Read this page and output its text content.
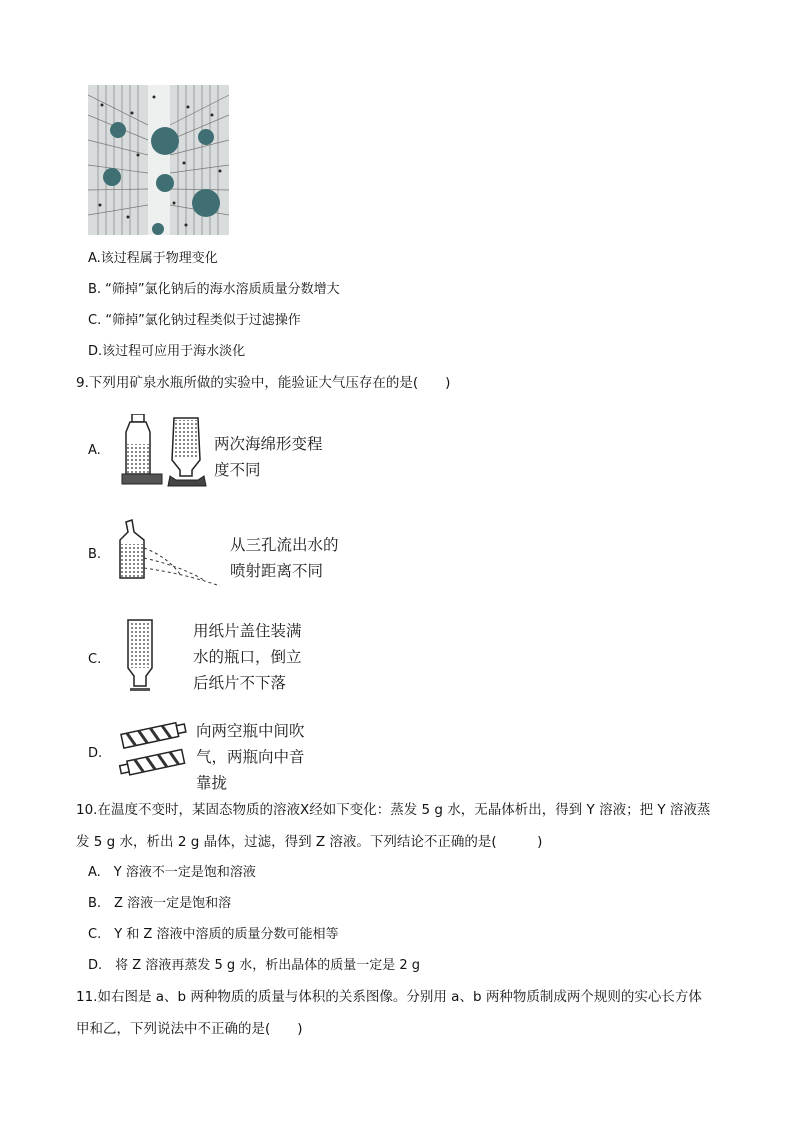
A.该过程属于物理变化
B. “筛掉”氯化钠后的海水溶质质量分数增大
C. “筛掉”氯化钠过程类似于过滤操作
D.该过程可应用于海水淡化
9.下列用矿泉水瓶所做的实验中，能验证大气压存在的是(　　)
A.	两次海绵形变程
度不同
B.
从三孔流出水的
喷射距离不同
C.
用纸片盖住装满
水的瓶口，倒立
后纸片不下落
D.
向两空瓶中间吹
气，两瓶向中音
靠拢
10.在温度不变时，某固态物质的溶液X经如下变化：蒸发 5 g 水，无晶体析出，得到 Y 溶液；把 Y 溶液蒸
发 5 g 水，析出 2 g 晶体，过滤，得到 Z 溶液。下列结论不正确的是(　　　)
A.　Y 溶液不一定是饱和溶液
B.　Z 溶液一定是饱和溶
C.　Y 和 Z 溶液中溶质的质量分数可能相等
D.　将 Z 溶液再蒸发 5 g 水，析出晶体的质量一定是 2 g
11.如右图是 a、b 两种物质的质量与体积的关系图像。分别用 a、b 两种物质制成两个规则的实心长方体
甲和乙，下列说法中不正确的是(　　)
